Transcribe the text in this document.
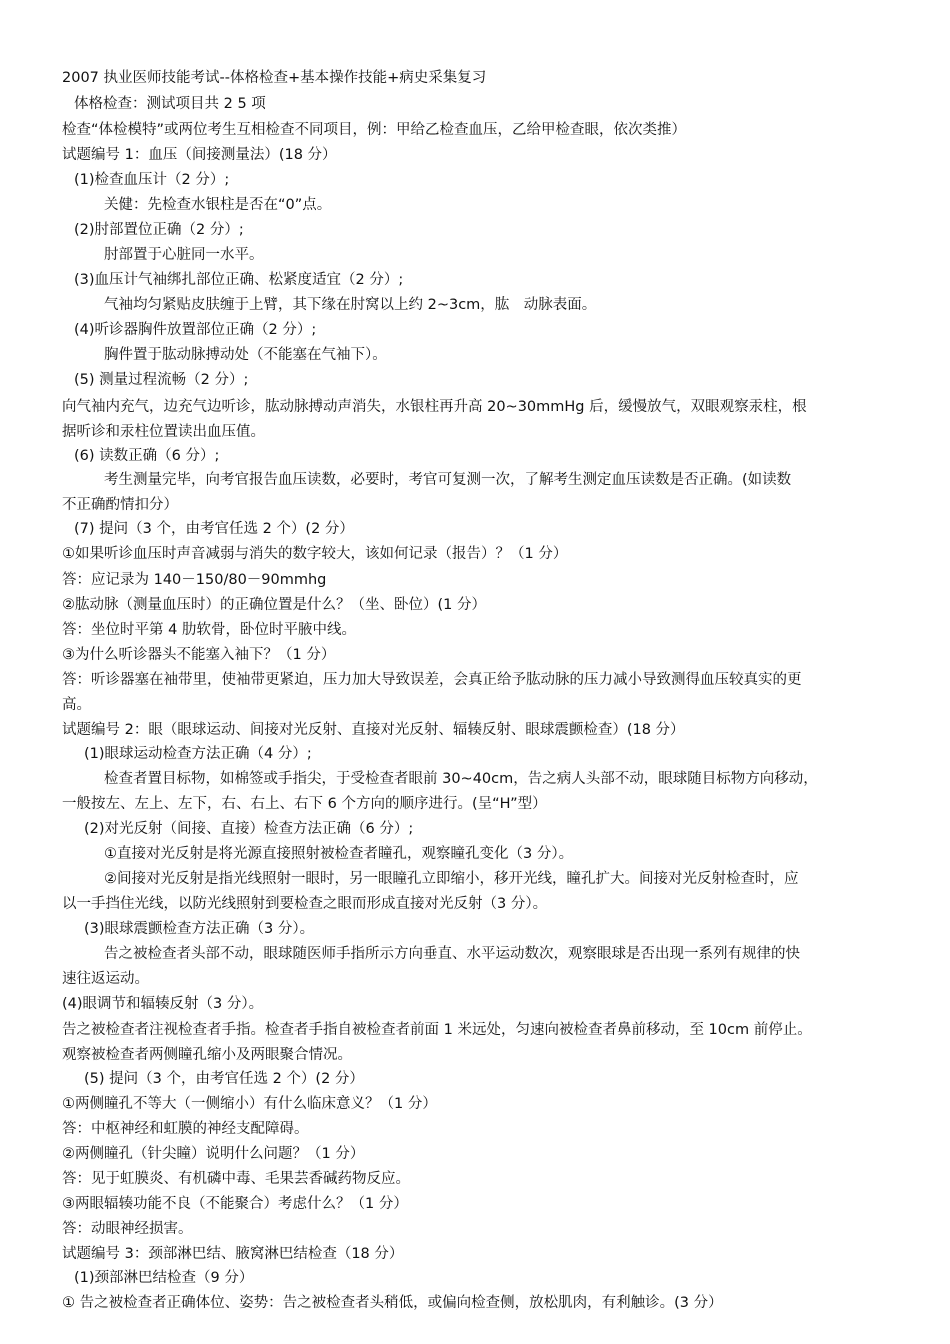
2007 执业医师技能考试--体格检查+基本操作技能+病史采集复习
体格检查：测试项目共 2 5 项
检查“体检模特”或两位考生互相检查不同项目，例：甲给乙检查血压，乙给甲检查眼，依次类推）
试题编号 1：血压（间接测量法）(18 分）
(1)检查血压计（2 分）;
关健：先检查水银柱是否在“0”点。
(2)肘部置位正确（2 分）;
肘部置于心脏同一水平。
(3)血压计气袖绑扎部位正确、松紧度适宜（2 分）;
气袖均匀紧贴皮肤缠于上臂，其下缘在肘窝以上约 2~3cm，肱　动脉表面。
(4)听诊器胸件放置部位正确（2 分）;
胸件置于肱动脉搏动处（不能塞在气袖下）。
(5) 测量过程流畅（2 分）;
向气袖内充气，边充气边听诊，肱动脉搏动声消失，水银柱再升高 20~30mmHg 后，缓慢放气，双眼观察汞柱，根
据听诊和汞柱位置读出血压值。
(6) 读数正确（6 分）;
考生测量完毕，向考官报告血压读数，必要时，考官可复测一次，了解考生测定血压读数是否正确。(如读数
不正确酌情扣分）
(7) 提问（3 个，由考官任选 2 个）(2 分）
①如果听诊血压时声音减弱与消失的数字较大，该如何记录（报告）？（1 分）
答：应记录为 140－150/80－90mmhg
②肱动脉（测量血压时）的正确位置是什么？（坐、卧位）(1 分）
答：坐位时平第 4 肋软骨，卧位时平腋中线。
③为什么听诊器头不能塞入袖下？（1 分）
答：听诊器塞在袖带里，使袖带更紧迫，压力加大导致误差，会真正给予肱动脉的压力减小导致测得血压较真实的更
高。
试题编号 2：眼（眼球运动、间接对光反射、直接对光反射、辐辏反射、眼球震颤检查）(18 分）
(1)眼球运动检查方法正确（4 分）;
检查者置目标物，如棉签或手指尖，于受检查者眼前 30~40cm，告之病人头部不动，眼球随目标物方向移动，
一般按左、左上、左下，右、右上、右下 6 个方向的顺序进行。(呈“H”型）
(2)对光反射（间接、直接）检查方法正确（6 分）;
①直接对光反射是将光源直接照射被检查者瞳孔，观察瞳孔变化（3 分）。
②间接对光反射是指光线照射一眼时，另一眼瞳孔立即缩小，移开光线，瞳孔扩大。间接对光反射检查时，应
以一手挡住光线，以防光线照射到要检查之眼而形成直接对光反射（3 分）。
(3)眼球震颤检查方法正确（3 分）。
告之被检查者头部不动，眼球随医师手指所示方向垂直、水平运动数次，观察眼球是否出现一系列有规律的快
速往返运动。
(4)眼调节和辐辏反射（3 分）。
告之被检查者注视检查者手指。检查者手指自被检查者前面 1 米远处，匀速向被检查者鼻前移动，至 10cm 前停止。
观察被检查者两侧瞳孔缩小及两眼聚合情况。
(5) 提问（3 个，由考官任选 2 个）(2 分）
①两侧瞳孔不等大（一侧缩小）有什么临床意义？（1 分）
答：中枢神经和虹膜的神经支配障碍。
②两侧瞳孔（针尖瞳）说明什么问题？（1 分）
答：见于虹膜炎、有机磷中毒、毛果芸香碱药物反应。
③两眼辐辏功能不良（不能聚合）考虑什么？（1 分）
答：动眼神经损害。
试题编号 3：颈部淋巴结、腋窝淋巴结检查（18 分）
(1)颈部淋巴结检查（9 分）
① 告之被检查者正确体位、姿势：告之被检查者头稍低，或偏向检查侧，放松肌肉，有利触诊。(3 分）
